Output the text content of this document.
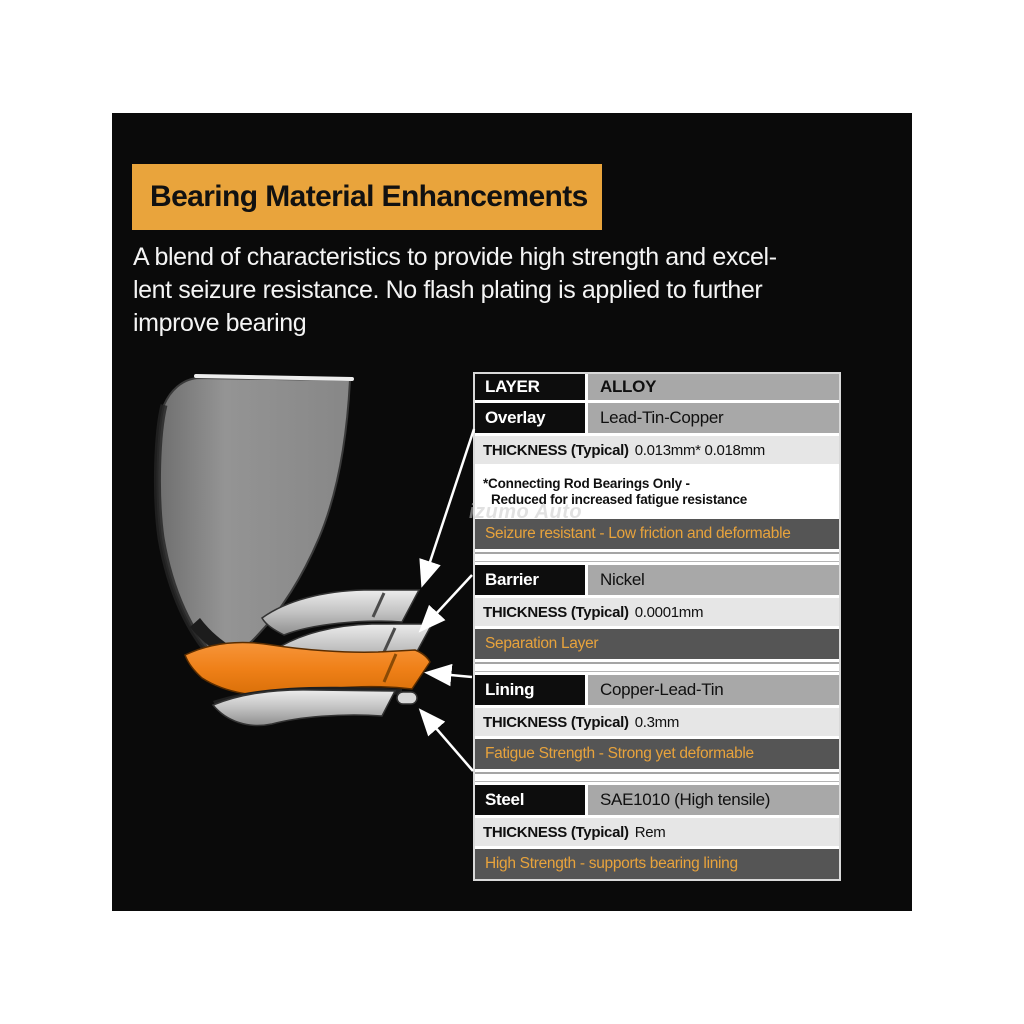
Bearing Material Enhancements
A blend of characteristics to provide high strength and excel-
lent seizure resistance. No flash plating is applied to further
improve bearing
izumo Auto
LAYER	ALLOY
Overlay	Lead-Tin-Copper
THICKNESS (Typical) 0.013mm* 0.018mm
*Connecting Rod Bearings Only -
Reduced for increased fatigue resistance
Seizure resistant - Low friction and deformable
Barrier	Nickel
THICKNESS (Typical) 0.0001mm
Separation Layer
Lining	Copper-Lead-Tin
THICKNESS (Typical) 0.3mm
Fatigue Strength - Strong yet deformable
Steel	SAE1010 (High tensile)
THICKNESS (Typical) Rem
High Strength - supports bearing lining
